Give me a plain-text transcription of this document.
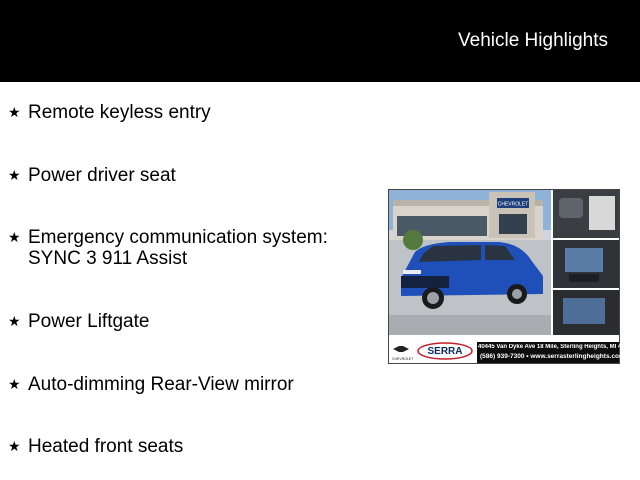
Vehicle Highlights
★ Remote keyless entry
★ Power driver seat
★ Emergency communication system:
SYNC 3 911 Assist
★ Power Liftgate
★ Auto-dimming Rear-View mirror
★ Heated front seats
CHEVROLET
CHEVROLET
SERRA	40445 Van Dyke Ave 18 Mile, Sterling Heights, MI 48313
(586) 939-7300 • www.serrasterlingheights.com
